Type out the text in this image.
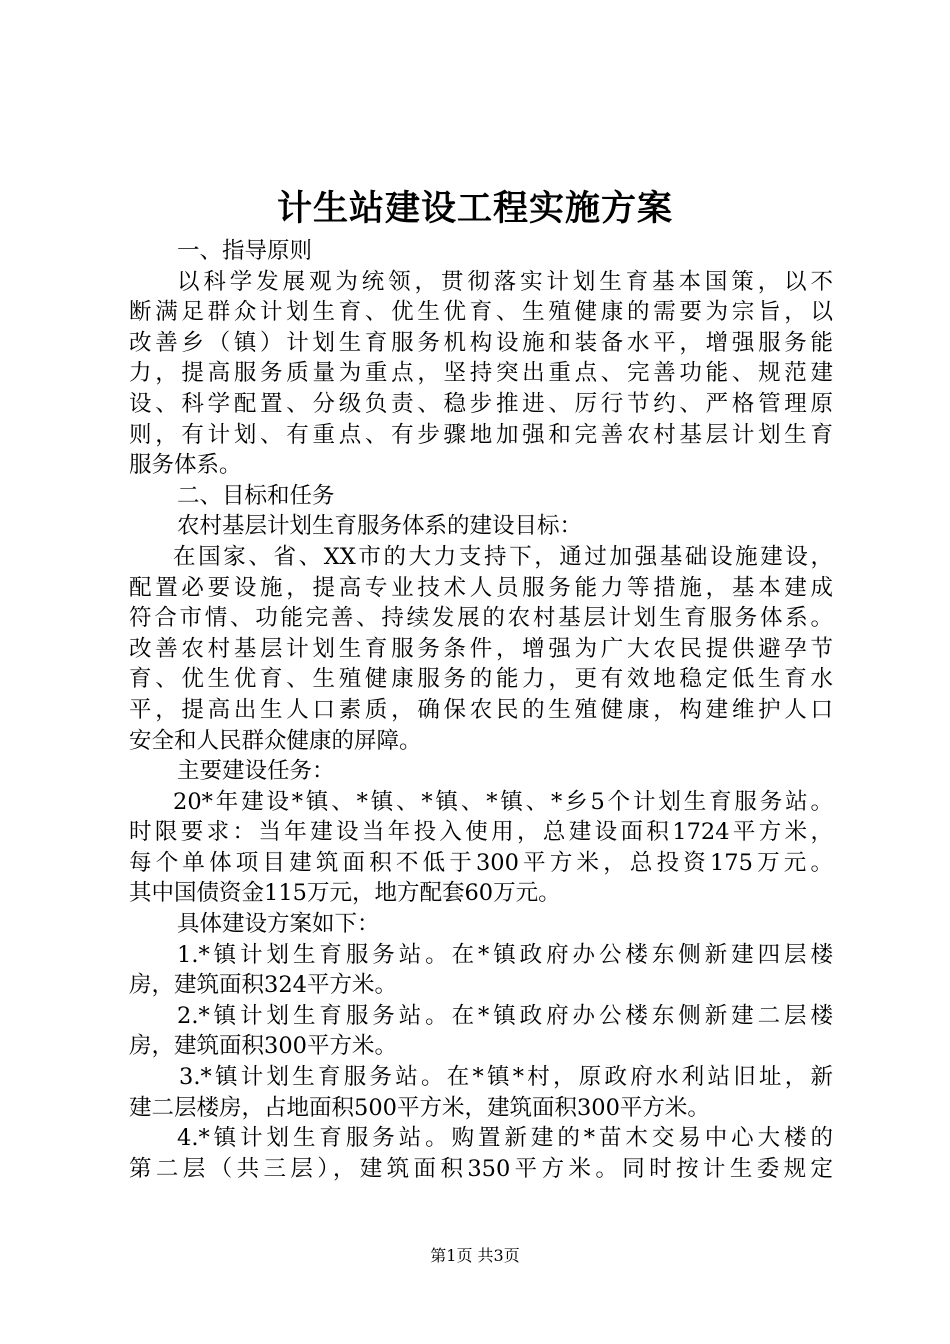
计生站建设工程实施方案
一、指导原则
以科学发展观为统领，贯彻落实计划生育基本国策，以不
断满足群众计划生育、优生优育、生殖健康的需要为宗旨，以
改善乡（镇）计划生育服务机构设施和装备水平，增强服务能
力，提高服务质量为重点，坚持突出重点、完善功能、规范建
设、科学配置、分级负责、稳步推进、厉行节约、严格管理原
则，有计划、有重点、有步骤地加强和完善农村基层计划生育
服务体系。
二、目标和任务
农村基层计划生育服务体系的建设目标：
在国家、省、XX市的大力支持下，通过加强基础设施建设，
配置必要设施，提高专业技术人员服务能力等措施，基本建成
符合市情、功能完善、持续发展的农村基层计划生育服务体系。
改善农村基层计划生育服务条件，增强为广大农民提供避孕节
育、优生优育、生殖健康服务的能力，更有效地稳定低生育水
平，提高出生人口素质，确保农民的生殖健康，构建维护人口
安全和人民群众健康的屏障。
主要建设任务：
20*年建设*镇、*镇、*镇、*镇、*乡5个计划生育服务站。
时限要求：当年建设当年投入使用，总建设面积1724平方米，
每个单体项目建筑面积不低于300平方米，总投资175万元。
其中国债资金115万元，地方配套60万元。
具体建设方案如下：
1.*镇计划生育服务站。在*镇政府办公楼东侧新建四层楼
房，建筑面积324平方米。
2.*镇计划生育服务站。在*镇政府办公楼东侧新建二层楼
房，建筑面积300平方米。
3.*镇计划生育服务站。在*镇*村，原政府水利站旧址，新
建二层楼房，占地面积500平方米，建筑面积300平方米。
4.*镇计划生育服务站。购置新建的*苗木交易中心大楼的
第二层（共三层），建筑面积350平方米。同时按计生委规定
第1页 共3页
